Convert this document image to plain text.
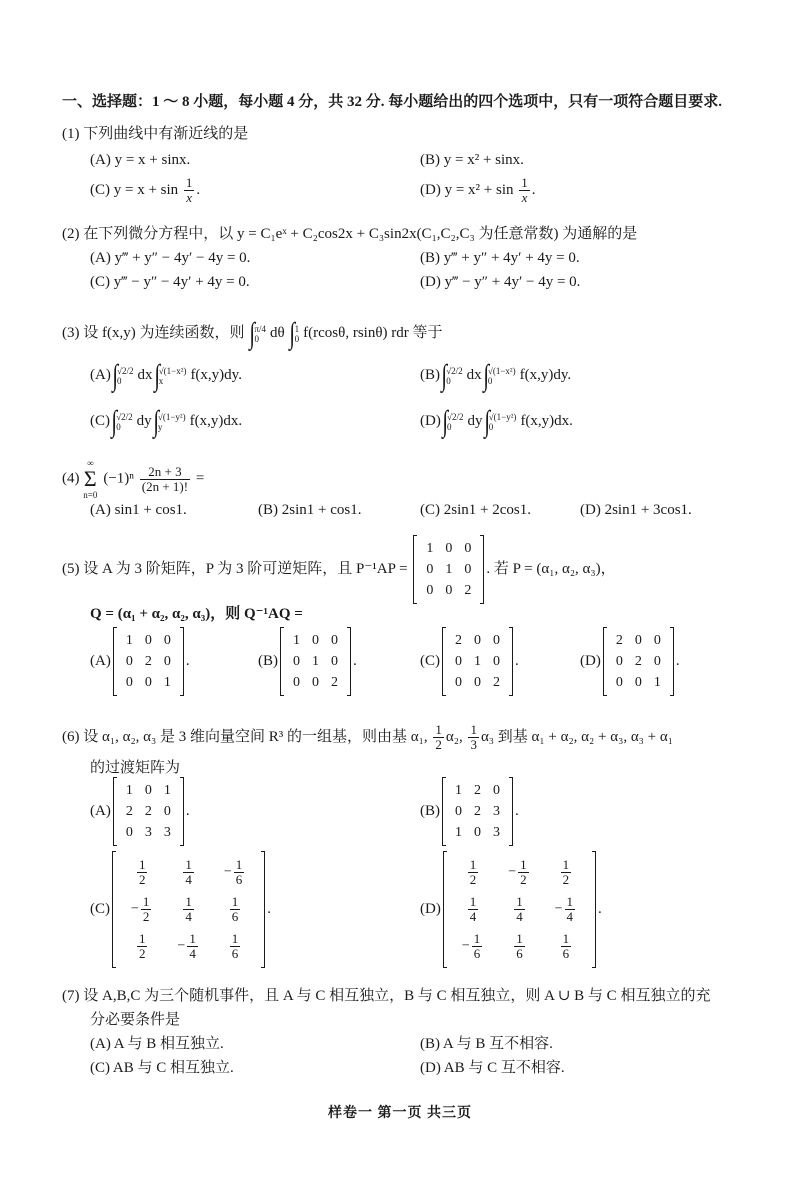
一、选择题：1 ～ 8 小题，每小题 4 分，共 32 分. 每小题给出的四个选项中，只有一项符合题目要求.
(1) 下列曲线中有渐近线的是
(A) y = x + sinx.	(B) y = x² + sinx.
(C) $y = x + \sin \frac{1}{x}$ .	(D) $y = x^2 + \sin \frac{1}{x}$ .
(2) 在下列微分方程中，以 y = C₁eˣ + C₂cos2x + C₃sin2x(C₁,C₂,C₃ 为任意常数) 为通解的是
(A) y‴ + y″ − 4y′ − 4y = 0.	(B) y‴ + y″ + 4y′ + 4y = 0.
(C) y‴ − y″ − 4y′ + 4y = 0.	(D) y‴ − y″ + 4y′ − 4y = 0.
(3) 设 f(x,y) 为连续函数，则 ∫ π/4
0 dθ ∫ 1
0 f(rcosθ, rsinθ) rdr 等于
(A)∫ √2/2
0	dx∫ √(1−x²)
x	f(x,y)dy.	(B)∫ √2/2
0	dx∫ √(1−x²)
0	f(x,y)dy.
(C)∫ √2/2
0	dy∫ √(1−y²)
y	f(x,y)dx.	(D)∫ √2/2
0	dy∫ √(1−y²)
0	f(x,y)dx.
(4) ∞
Σ
$n=0(-1)^n \frac{2n + 3}{(2n + 1)!}$ =
(A) sin1 + cos1.	(B) 2sin1 + cos1.	(C) 2sin1 + 2cos1.	(D) 2sin1 + 3cos1.
(5) 设 A 为 3 阶矩阵，P 为 3 阶可逆矩阵，且 P⁻¹AP =
1	0	0
0	1	0
0	0	2
. 若 P = (α₁, α₂, α₃)，
Q = (α₁ + α₂, α₂, α₃)，则 Q⁻¹AQ =
(A)
1	0	0
0	2	0
0	0	1
.	(B)
1	0	0
0	1	0
0	0	2
.	(C)
2	0	0
0	1	0
0	0	2
.	(D)
2	0	0
0	2	0
0	0	1
.
(6) 设 α₁, α₂, α₃ 是 3 维向量空间 R³ 的一组基，则由基 α₁, $\frac{1}{2} \alpha_2$, $\frac{1}{3} \alpha_3$ 到基 α₁ + α₂, α₂ + α₃, α₃ + α₁
的过渡矩阵为
(A)
1	0	1
2	2	0
0	3	3
.	(B)
1	2	0
0	2	3
1	0	3
.
(C)
$\frac{1}{2}$	$\frac{1}{4}$	− $\frac{1}{6}$

− $\frac{1}{2}$	$\frac{1}{4}$	$\frac{1}{6}$

$\frac{1}{2}$	− $\frac{1}{4}$	$\frac{1}{6}$
.	(D)
$\frac{1}{2}$	− $\frac{1}{2}$	$\frac{1}{2}$

$\frac{1}{4}$	$\frac{1}{4}$	− $\frac{1}{4}$

− $\frac{1}{6}$	$\frac{1}{6}$	$\frac{1}{6}$
.
(7) 设 A,B,C 为三个随机事件，且 A 与 C 相互独立，B 与 C 相互独立，则 A ∪ B 与 C 相互独立的充
分必要条件是
(A) A 与 B 相互独立.	(B) A 与 B 互不相容.
(C) AB 与 C 相互独立.	(D) AB 与 C 互不相容.
样卷一 第一页 共三页
